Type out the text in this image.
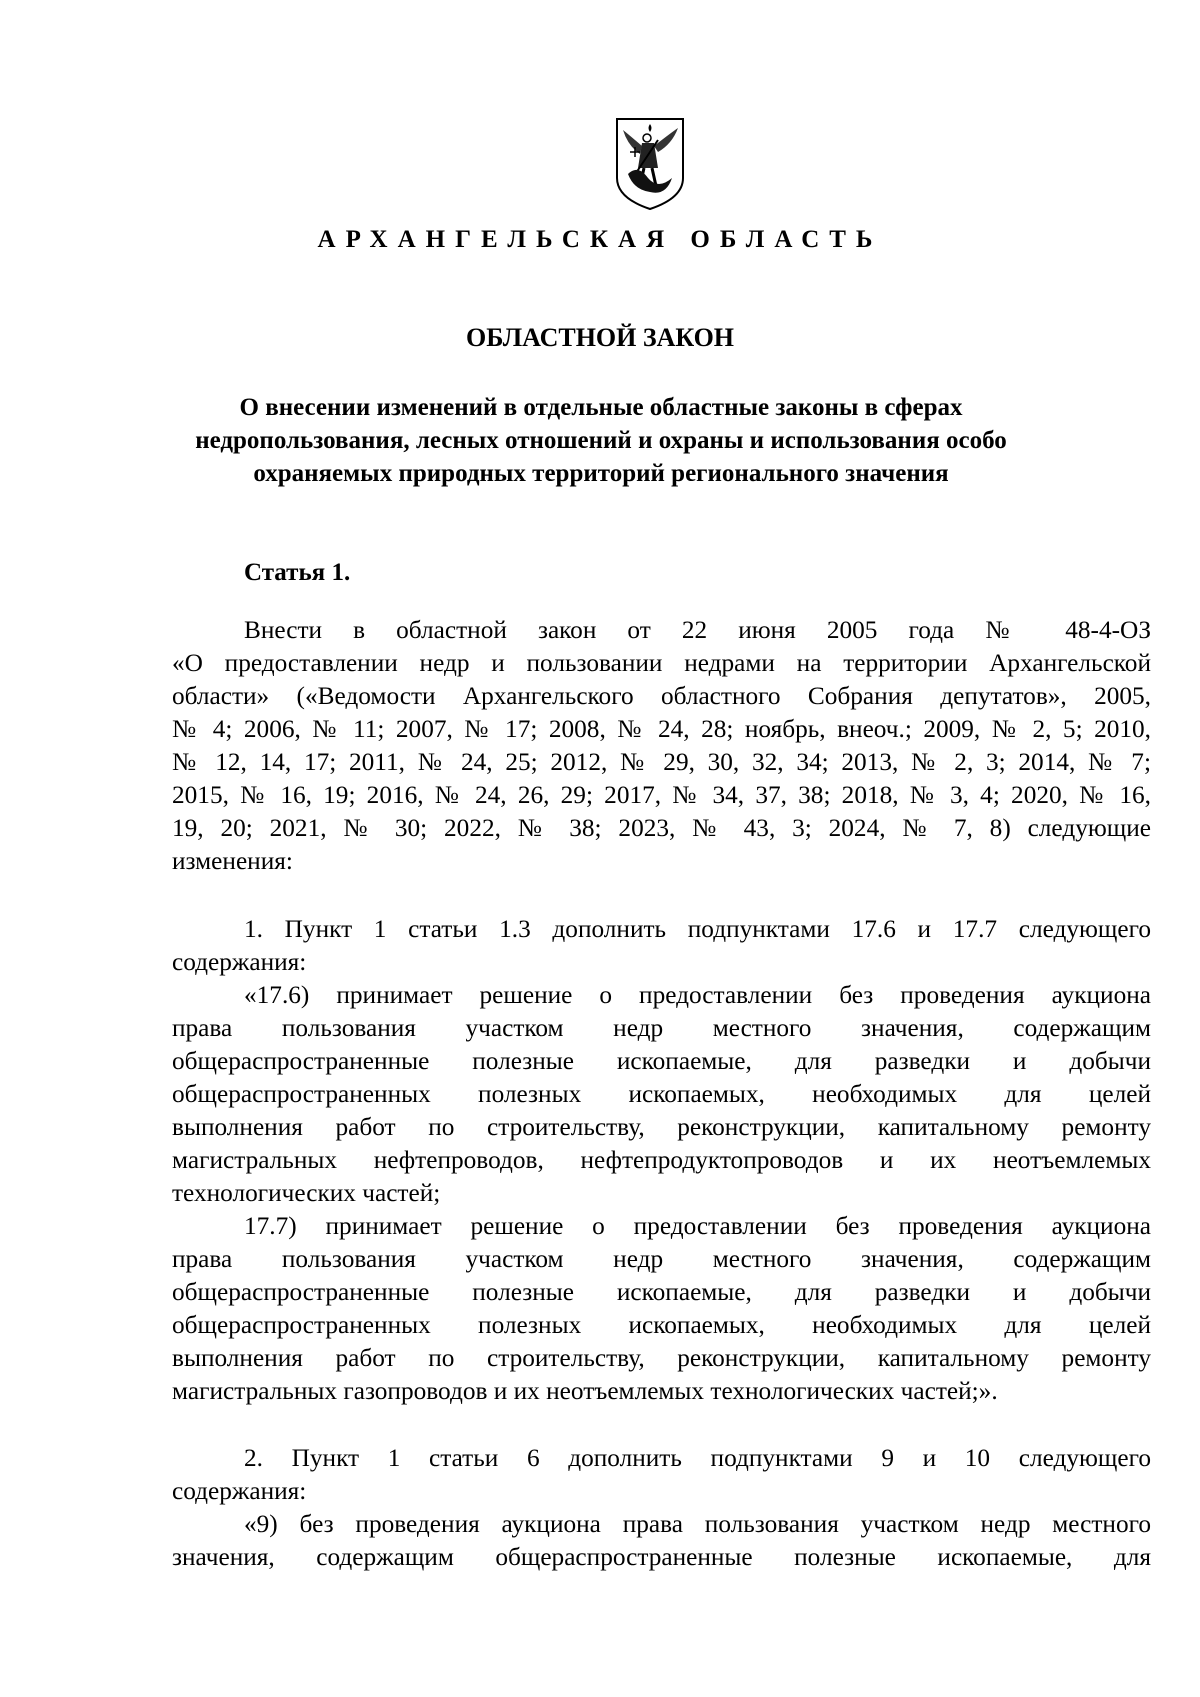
АРХАНГЕЛЬСКАЯ ОБЛАСТЬ
ОБЛАСТНОЙ ЗАКОН
О внесении изменений в отдельные областные законы в сферах
недропользования, лесных отношений и охраны и использования особо
охраняемых природных территорий регионального значения
Статья 1.
Внести в областной закон от 22 июня 2005 года № 48-4-ОЗ
«О предоставлении недр и пользовании недрами на территории Архангельской
области» («Ведомости Архангельского областного Собрания депутатов», 2005,
№ 4; 2006, № 11; 2007, № 17; 2008, № 24, 28; ноябрь, внеоч.; 2009, № 2, 5; 2010,
№ 12, 14, 17; 2011, № 24, 25; 2012, № 29, 30, 32, 34; 2013, № 2, 3; 2014, № 7;
2015, № 16, 19; 2016, № 24, 26, 29; 2017, № 34, 37, 38; 2018, № 3, 4; 2020, № 16,
19, 20; 2021, № 30; 2022, № 38; 2023, № 43, 3; 2024, № 7, 8) следующие
изменения:
1. Пункт 1 статьи 1.3 дополнить подпунктами 17.6 и 17.7 следующего
содержания:
«17.6) принимает решение о предоставлении без проведения аукциона
права пользования участком недр местного значения, содержащим
общераспространенные полезные ископаемые, для разведки и добычи
общераспространенных полезных ископаемых, необходимых для целей
выполнения работ по строительству, реконструкции, капитальному ремонту
магистральных нефтепроводов, нефтепродуктопроводов и их неотъемлемых
технологических частей;
17.7) принимает решение о предоставлении без проведения аукциона
права пользования участком недр местного значения, содержащим
общераспространенные полезные ископаемые, для разведки и добычи
общераспространенных полезных ископаемых, необходимых для целей
выполнения работ по строительству, реконструкции, капитальному ремонту
магистральных газопроводов и их неотъемлемых технологических частей;».
2. Пункт 1 статьи 6 дополнить подпунктами 9 и 10 следующего
содержания:
«9) без проведения аукциона права пользования участком недр местного
значения, содержащим общераспространенные полезные ископаемые, для
